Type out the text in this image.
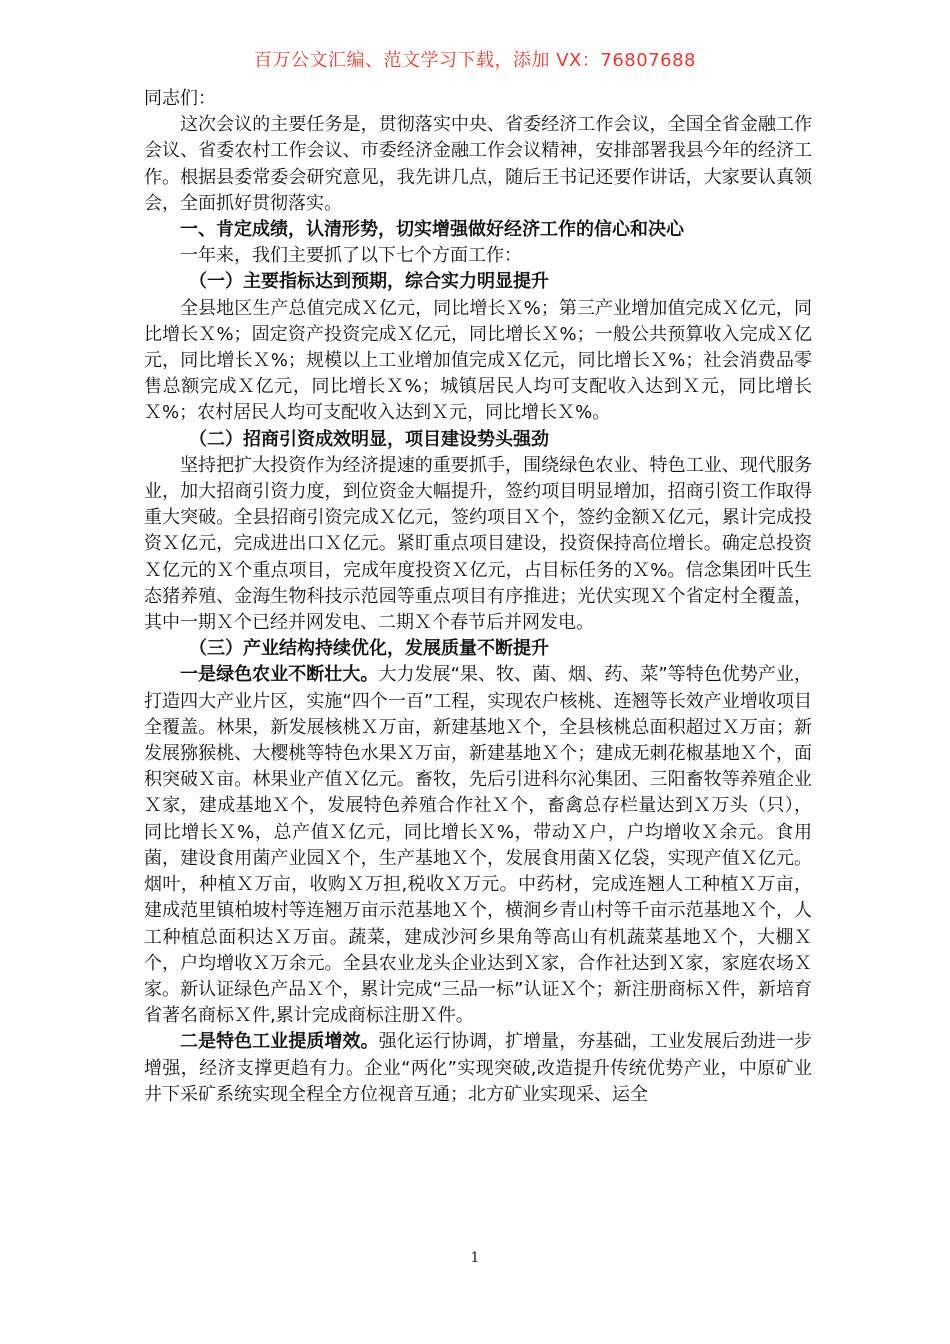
百万公文汇编、范文学习下载，添加 VX：76807688

同志们：

这次会议的主要任务是，贯彻落实中央、省委经济工作会议，全国全省金融工作会议、省委农村工作会议、市委经济金融工作会议精神，安排部署我县今年的经济工作。根据县委常委会研究意见，我先讲几点，随后王书记还要作讲话，大家要认真领会，全面抓好贯彻落实。

一、肯定成绩，认清形势，切实增强做好经济工作的信心和决心

一年来，我们主要抓了以下七个方面工作：

（一）主要指标达到预期，综合实力明显提升

全县地区生产总值完成Ｘ亿元，同比增长Ｘ%；第三产业增加值完成Ｘ亿元，同比增长Ｘ%；固定资产投资完成Ｘ亿元，同比增长Ｘ%；一般公共预算收入完成Ｘ亿元，同比增长Ｘ%；规模以上工业增加值完成Ｘ亿元，同比增长Ｘ%；社会消费品零售总额完成Ｘ亿元，同比增长Ｘ%；城镇居民人均可支配收入达到Ｘ元，同比增长Ｘ%；农村居民人均可支配收入达到Ｘ元，同比增长Ｘ%。

（二）招商引资成效明显，项目建设势头强劲

坚持把扩大投资作为经济提速的重要抓手，围绕绿色农业、特色工业、现代服务业，加大招商引资力度，到位资金大幅提升，签约项目明显增加，招商引资工作取得重大突破。全县招商引资完成Ｘ亿元，签约项目Ｘ个，签约金额Ｘ亿元，累计完成投资Ｘ亿元，完成进出口Ｘ亿元。紧盯重点项目建设，投资保持高位增长。确定总投资Ｘ亿元的Ｘ个重点项目，完成年度投资Ｘ亿元，占目标任务的Ｘ%。信念集团叶氏生态猪养殖、金海生物科技示范园等重点项目有序推进；光伏实现Ｘ个省定村全覆盖，其中一期Ｘ个已经并网发电、二期Ｘ个春节后并网发电。

（三）产业结构持续优化，发展质量不断提升

一是绿色农业不断壮大。大力发展“果、牧、菌、烟、药、菜”等特色优势产业，打造四大产业片区，实施“四个一百”工程，实现农户核桃、连翘等长效产业增收项目全覆盖。林果，新发展核桃Ｘ万亩，新建基地Ｘ个，全县核桃总面积超过Ｘ万亩；新发展猕猴桃、大樱桃等特色水果Ｘ万亩，新建基地Ｘ个；建成无刺花椒基地Ｘ个，面积突破Ｘ亩。林果业产值Ｘ亿元。畜牧，先后引进科尔沁集团、三阳畜牧等养殖企业Ｘ家，建成基地Ｘ个，发展特色养殖合作社Ｘ个，畜禽总存栏量达到Ｘ万头（只），同比增长Ｘ%，总产值Ｘ亿元，同比增长Ｘ%，带动Ｘ户，户均增收Ｘ余元。食用菌，建设食用菌产业园Ｘ个，生产基地Ｘ个，发展食用菌Ｘ亿袋，实现产值Ｘ亿元。烟叶，种植Ｘ万亩，收购Ｘ万担,税收Ｘ万元。中药材，完成连翘人工种植Ｘ万亩，建成范里镇柏坡村等连翘万亩示范基地Ｘ个，横涧乡青山村等千亩示范基地Ｘ个，人工种植总面积达Ｘ万亩。蔬菜，建成沙河乡果角等高山有机蔬菜基地Ｘ个，大棚Ｘ个，户均增收Ｘ万余元。全县农业龙头企业达到Ｘ家，合作社达到Ｘ家，家庭农场Ｘ家。新认证绿色产品Ｘ个，累计完成“三品一标”认证Ｘ个；新注册商标Ｘ件，新培育省著名商标Ｘ件,累计完成商标注册Ｘ件。

二是特色工业提质增效。强化运行协调，扩增量，夯基础，工业发展后劲进一步增强，经济支撑更趋有力。企业“两化”实现突破,改造提升传统优势产业，中原矿业井下采矿系统实现全程全方位视音互通；北方矿业实现采、运全

1
